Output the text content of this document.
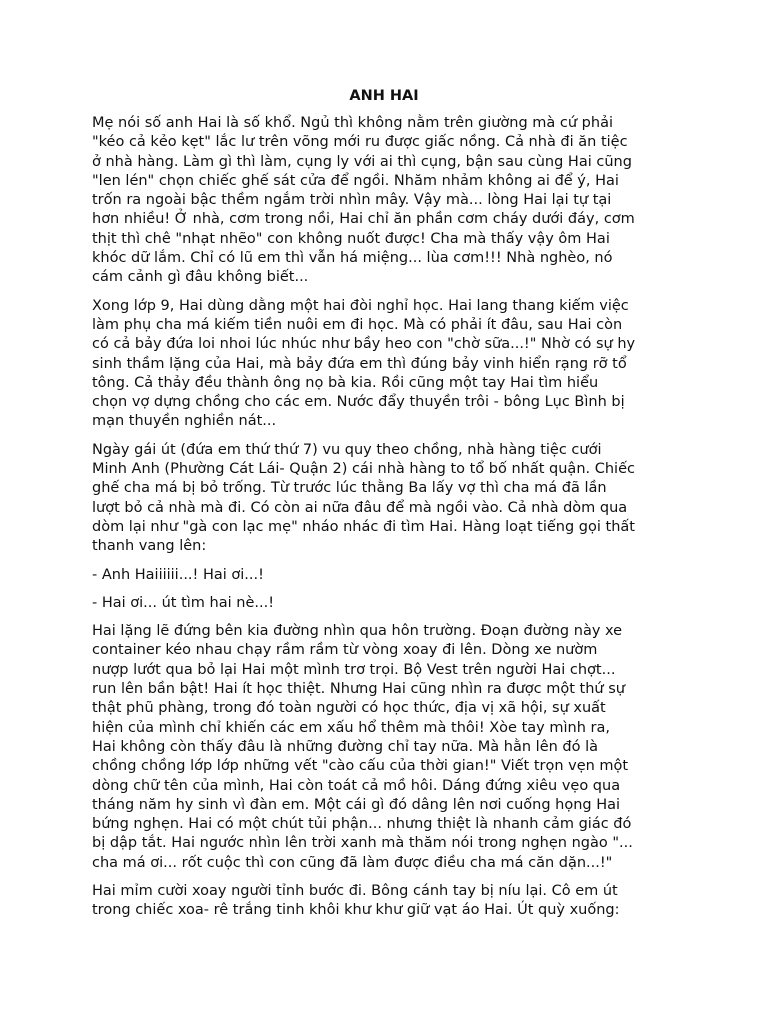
ANH HAI

Mẹ nói số anh Hai là số khổ. Ngủ thì không nằm trên giường mà cứ phải
"kéo cả kẻo kẹt" lắc lư trên võng mới ru được giấc nồng. Cả nhà đi ăn tiệc
ở nhà hàng. Làm gì thì làm, cụng ly với ai thì cụng, bận sau cùng Hai cũng
"len lén" chọn chiếc ghế sát cửa để ngồi. Nhăm nhảm không ai để ý, Hai
trốn ra ngoài bậc thềm ngắm trời nhìn mây. Vậy mà... lòng Hai lại tự tại
hơn nhiều! Ở nhà, cơm trong nồi, Hai chỉ ăn phần cơm cháy dưới đáy, cơm
thịt thì chê "nhạt nhẽo" con không nuốt được! Cha mà thấy vậy ôm Hai
khóc dữ lắm. Chỉ có lũ em thì vẫn há miệng... lùa cơm!!! Nhà nghèo, nó
cám cảnh gì đâu không biết...

Xong lớp 9, Hai dùng dằng một hai đòi nghỉ học. Hai lang thang kiếm việc
làm phụ cha má kiếm tiền nuôi em đi học. Mà có phải ít đâu, sau Hai còn
có cả bảy đứa loi nhoi lúc nhúc như bầy heo con "chờ sữa...!" Nhờ có sự hy
sinh thầm lặng của Hai, mà bảy đứa em thì đúng bảy vinh hiển rạng rỡ tổ
tông. Cả thảy đều thành ông nọ bà kia. Rồi cũng một tay Hai tìm hiểu
chọn vợ dựng chồng cho các em. Nước đẩy thuyền trôi - bông Lục Bình bị
mạn thuyền nghiền nát...

Ngày gái út (đứa em thứ thứ 7) vu quy theo chồng, nhà hàng tiệc cưới
Minh Anh (Phường Cát Lái- Quận 2) cái nhà hàng to tổ bố nhất quận. Chiếc
ghế cha má bị bỏ trống. Từ trước lúc thằng Ba lấy vợ thì cha má đã lần
lượt bỏ cả nhà mà đi. Có còn ai nữa đâu để mà ngồi vào. Cả nhà dòm qua
dòm lại như "gà con lạc mẹ" nháo nhác đi tìm Hai. Hàng loạt tiếng gọi thất
thanh vang lên:

- Anh Haiiiiii...! Hai ơi...!

- Hai ơi... út tìm hai nè...!

Hai lặng lẽ đứng bên kia đường nhìn qua hôn trường. Đoạn đường này xe
container kéo nhau chạy rầm rầm từ vòng xoay đi lên. Dòng xe nườm
nượp lướt qua bỏ lại Hai một mình trơ trọi. Bộ Vest trên người Hai chợt...
run lên bần bật! Hai ít học thiệt. Nhưng Hai cũng nhìn ra được một thứ sự
thật phũ phàng, trong đó toàn người có học thức, địa vị xã hội, sự xuất
hiện của mình chỉ khiến các em xấu hổ thêm mà thôi! Xòe tay mình ra,
Hai không còn thấy đâu là những đường chỉ tay nữa. Mà hằn lên đó là
chồng chồng lớp lớp những vết "cào cấu của thời gian!" Viết trọn vẹn một
dòng chữ tên của mình, Hai còn toát cả mồ hôi. Dáng đứng xiêu vẹo qua
tháng năm hy sinh vì đàn em. Một cái gì đó dâng lên nơi cuống họng Hai
bứng nghẹn. Hai có một chút tủi phận... nhưng thiệt là nhanh cảm giác đó
bị dập tắt. Hai ngước nhìn lên trời xanh mà thăm nói trong nghẹn ngào "...
cha má ơi... rốt cuộc thì con cũng đã làm được điều cha má căn dặn...!"

Hai mỉm cười xoay người tỉnh bước đi. Bông cánh tay bị níu lại. Cô em út
trong chiếc xoa- rê trắng tinh khôi khư khư giữ vạt áo Hai. Út quỳ xuống:
